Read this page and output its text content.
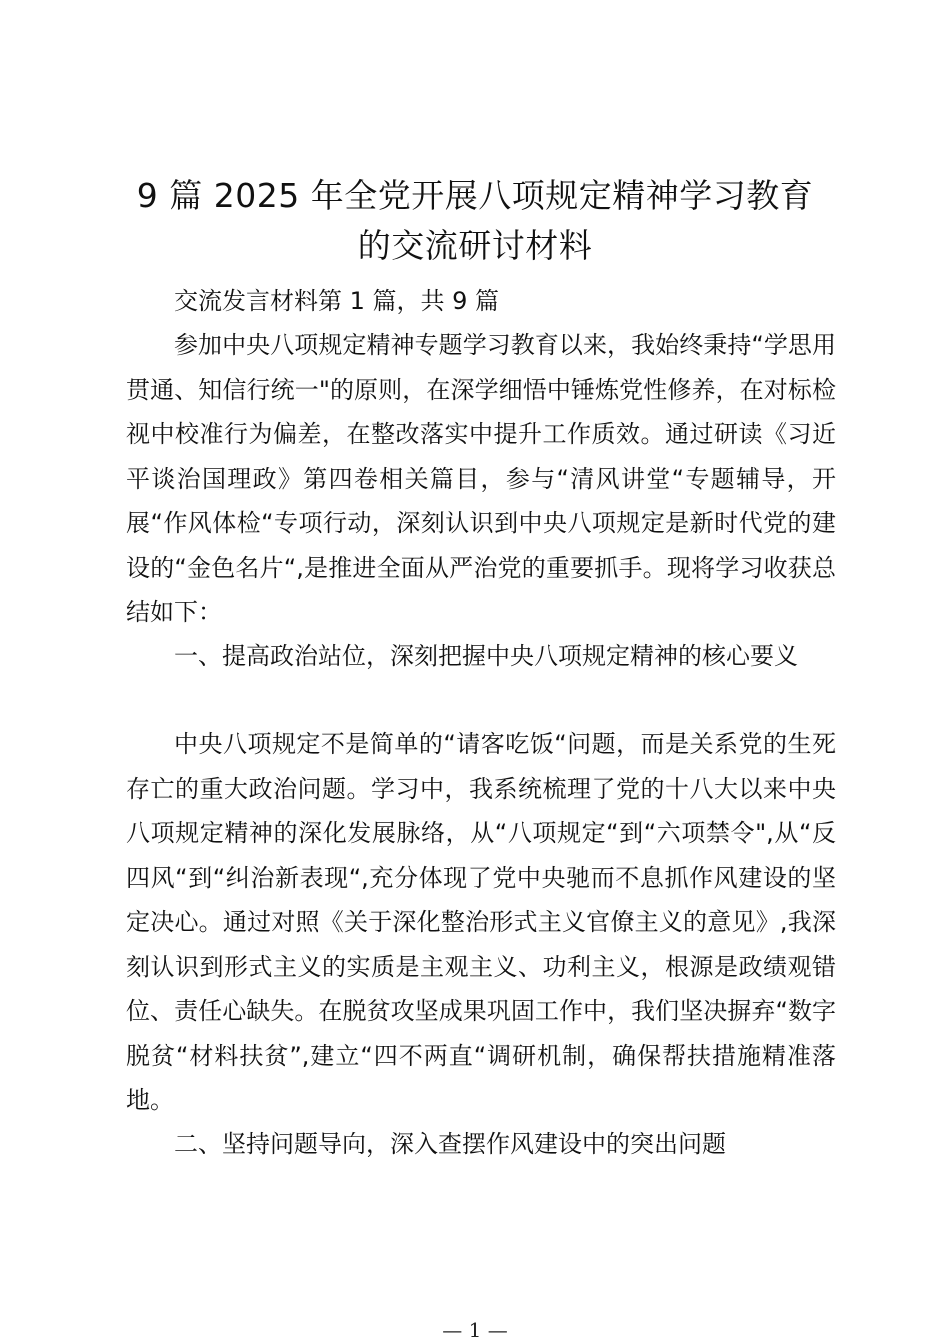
9 篇 2025 年全党开展八项规定精神学习教育
的交流研讨材料

交流发言材料第 1 篇，共 9 篇

参加中央八项规定精神专题学习教育以来，我始终秉持“学思用贯通、知信行统一"的原则，在深学细悟中锤炼党性修养，在对标检视中校准行为偏差，在整改落实中提升工作质效。通过研读《习近平谈治国理政》第四卷相关篇目，参与“清风讲堂“专题辅导，开展“作风体检“专项行动，深刻认识到中央八项规定是新时代党的建设的“金色名片“,是推进全面从严治党的重要抓手。现将学习收获总结如下：

一、提高政治站位，深刻把握中央八项规定精神的核心要义

中央八项规定不是简单的“请客吃饭“问题，而是关系党的生死存亡的重大政治问题。学习中，我系统梳理了党的十八大以来中央八项规定精神的深化发展脉络，从“八项规定“到“六项禁令",从“反四风“到“纠治新表现“,充分体现了党中央驰而不息抓作风建设的坚定决心。通过对照《关于深化整治形式主义官僚主义的意见》,我深刻认识到形式主义的实质是主观主义、功利主义，根源是政绩观错位、责任心缺失。在脱贫攻坚成果巩固工作中，我们坚决摒弃“数字脱贫“材料扶贫”,建立“四不两直“调研机制，确保帮扶措施精准落地。

二、坚持问题导向，深入查摆作风建设中的突出问题

— 1 —
